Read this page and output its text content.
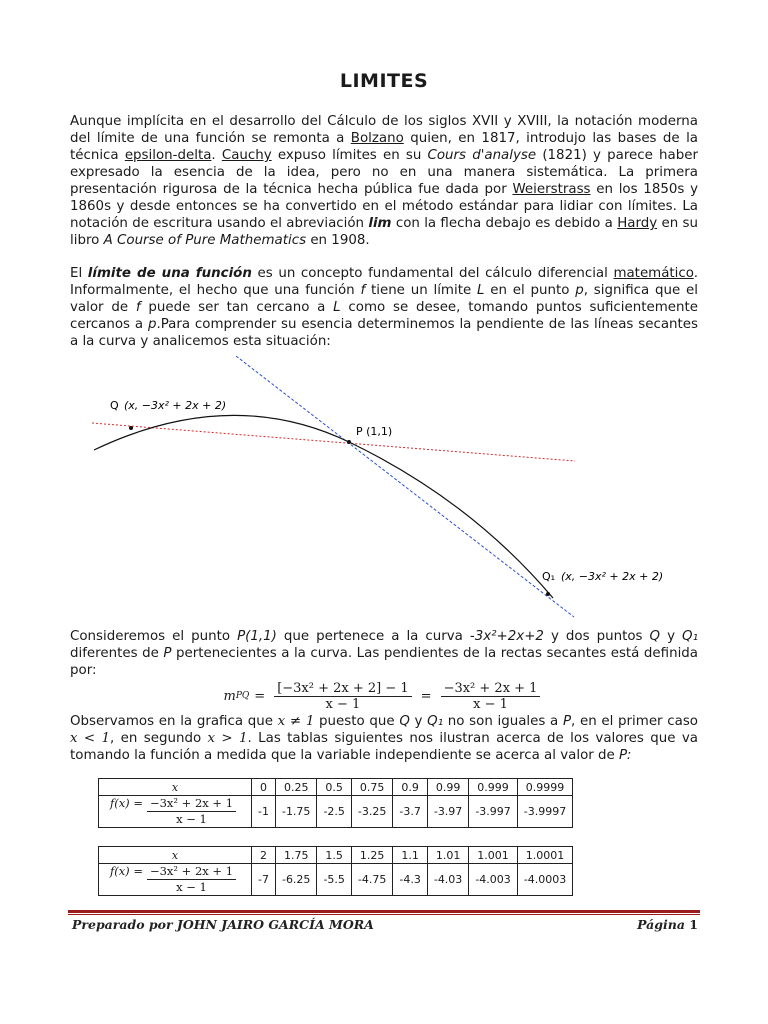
LIMITES
Aunque implícita en el desarrollo del Cálculo de los siglos XVII y XVIII, la notación moderna del límite de una función se remonta a Bolzano quien, en 1817, introdujo las bases de la técnica epsilon-delta. Cauchy expuso límites en su Cours d'analyse (1821) y parece haber expresado la esencia de la idea, pero no en una manera sistemática. La primera presentación rigurosa de la técnica hecha pública fue dada por Weierstrass en los 1850s y 1860s y desde entonces se ha convertido en el método estándar para lidiar con límites. La notación de escritura usando el abreviación lim con la flecha debajo es debido a Hardy en su libro A Course of Pure Mathematics en 1908.
El límite de una función es un concepto fundamental del cálculo diferencial matemático. Informalmente, el hecho que una función f tiene un límite L en el punto p, significa que el valor de f puede ser tan cercano a L como se desee, tomando puntos suficientemente cercanos a p.Para comprender su esencia determinemos la pendiente de las líneas secantes a la curva y analicemos esta situación:
Q (x, −3x² + 2x + 2)
P (1,1)
Q₁ (x, −3x² + 2x + 2)
Consideremos el punto P(1,1) que pertenece a la curva -3x²+2x+2 y dos puntos Q y Q₁ diferentes de P pertenecientes a la curva. Las pendientes de la rectas secantes está definida por:
m PQ = $\frac{\text{[−3x² + 2x + 2] − 1}}{x - 1} = \frac{\text{−3x² + 2x + 1}}{x - 1}$
Observamos en la grafica que x ≠ 1 puesto que Q y Q₁ no son iguales a P, en el primer caso x < 1, en segundo x > 1. Las tablas siguientes nos ilustran acerca de los valores que va tomando la función a medida que la variable independiente se acerca al valor de P:
x	0	0.25	0.5	0.75	0.9	0.99	0.999	0.9999
$f(x) = \frac{\text{−3x² + 2x + 1}}{x - 1}$	-1	-1.75	-2.5	-3.25	-3.7	-3.97	-3.997	-3.9997
x	2	1.75	1.5	1.25	1.1	1.01	1.001	1.0001
$f(x) = \frac{\text{−3x² + 2x + 1}}{x - 1}$	-7	-6.25	-5.5	-4.75	-4.3	-4.03	-4.003	-4.0003
Preparado por JOHN JAIRO GARCÍA MORA	Página 1
